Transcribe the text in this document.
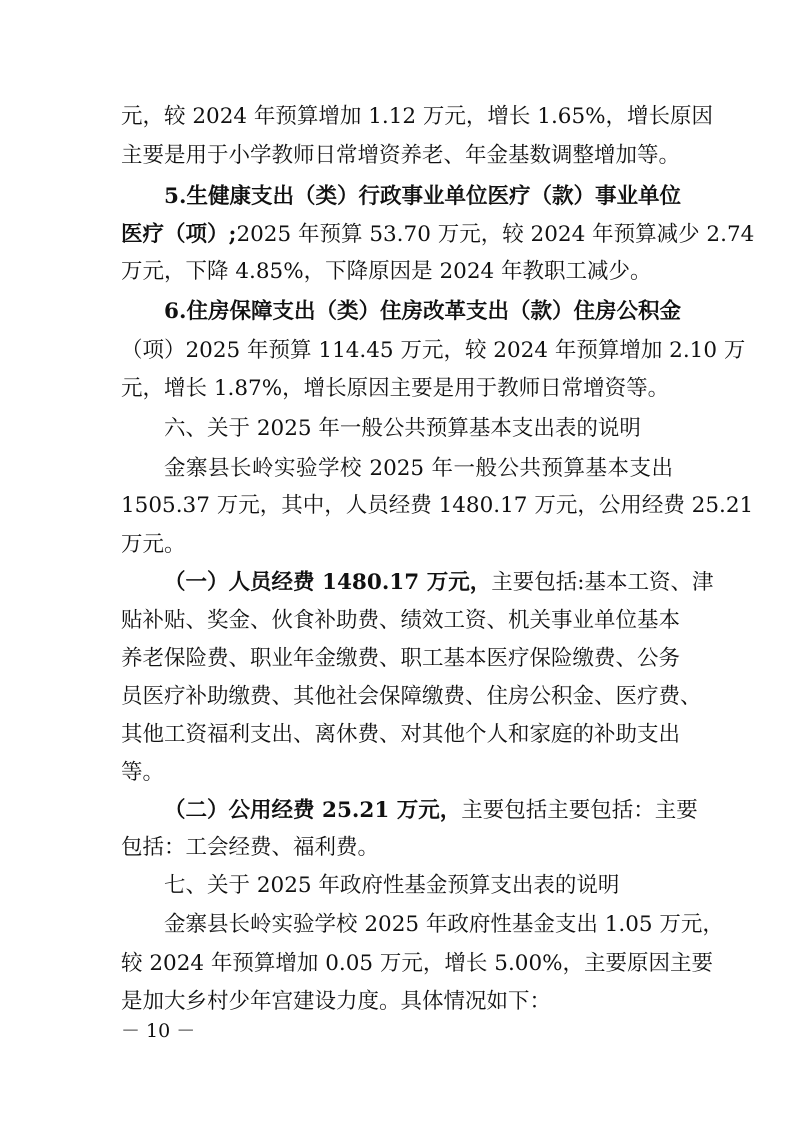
元，较 2024 年预算增加 1.12 万元，增长 1.65%，增长原因
主要是用于小学教师日常增资养老、年金基数调整增加等。
5.生健康支出（类）行政事业单位医疗（款）事业单位
医疗（项）;2025 年预算 53.70 万元，较 2024 年预算减少 2.74
万元，下降 4.85%，下降原因是 2024 年教职工减少。
6.住房保障支出（类）住房改革支出（款）住房公积金
（项）2025 年预算 114.45 万元，较 2024 年预算增加 2.10 万
元，增长 1.87%，增长原因主要是用于教师日常增资等。
六、关于 2025 年一般公共预算基本支出表的说明
金寨县长岭实验学校 2025 年一般公共预算基本支出
1505.37 万元，其中，人员经费 1480.17 万元，公用经费 25.21
万元。
（一）人员经费 1480.17 万元，主要包括:基本工资、津
贴补贴、奖金、伙食补助费、绩效工资、机关事业单位基本
养老保险费、职业年金缴费、职工基本医疗保险缴费、公务
员医疗补助缴费、其他社会保障缴费、住房公积金、医疗费、
其他工资福利支出、离休费、对其他个人和家庭的补助支出
等。
（二）公用经费 25.21 万元，主要包括主要包括：主要
包括：工会经费、福利费。
七、关于 2025 年政府性基金预算支出表的说明
金寨县长岭实验学校 2025 年政府性基金支出 1.05 万元，
较 2024 年预算增加 0.05 万元，增长 5.00%，主要原因主要
是加大乡村少年宫建设力度。具体情况如下：
－ 10 －
